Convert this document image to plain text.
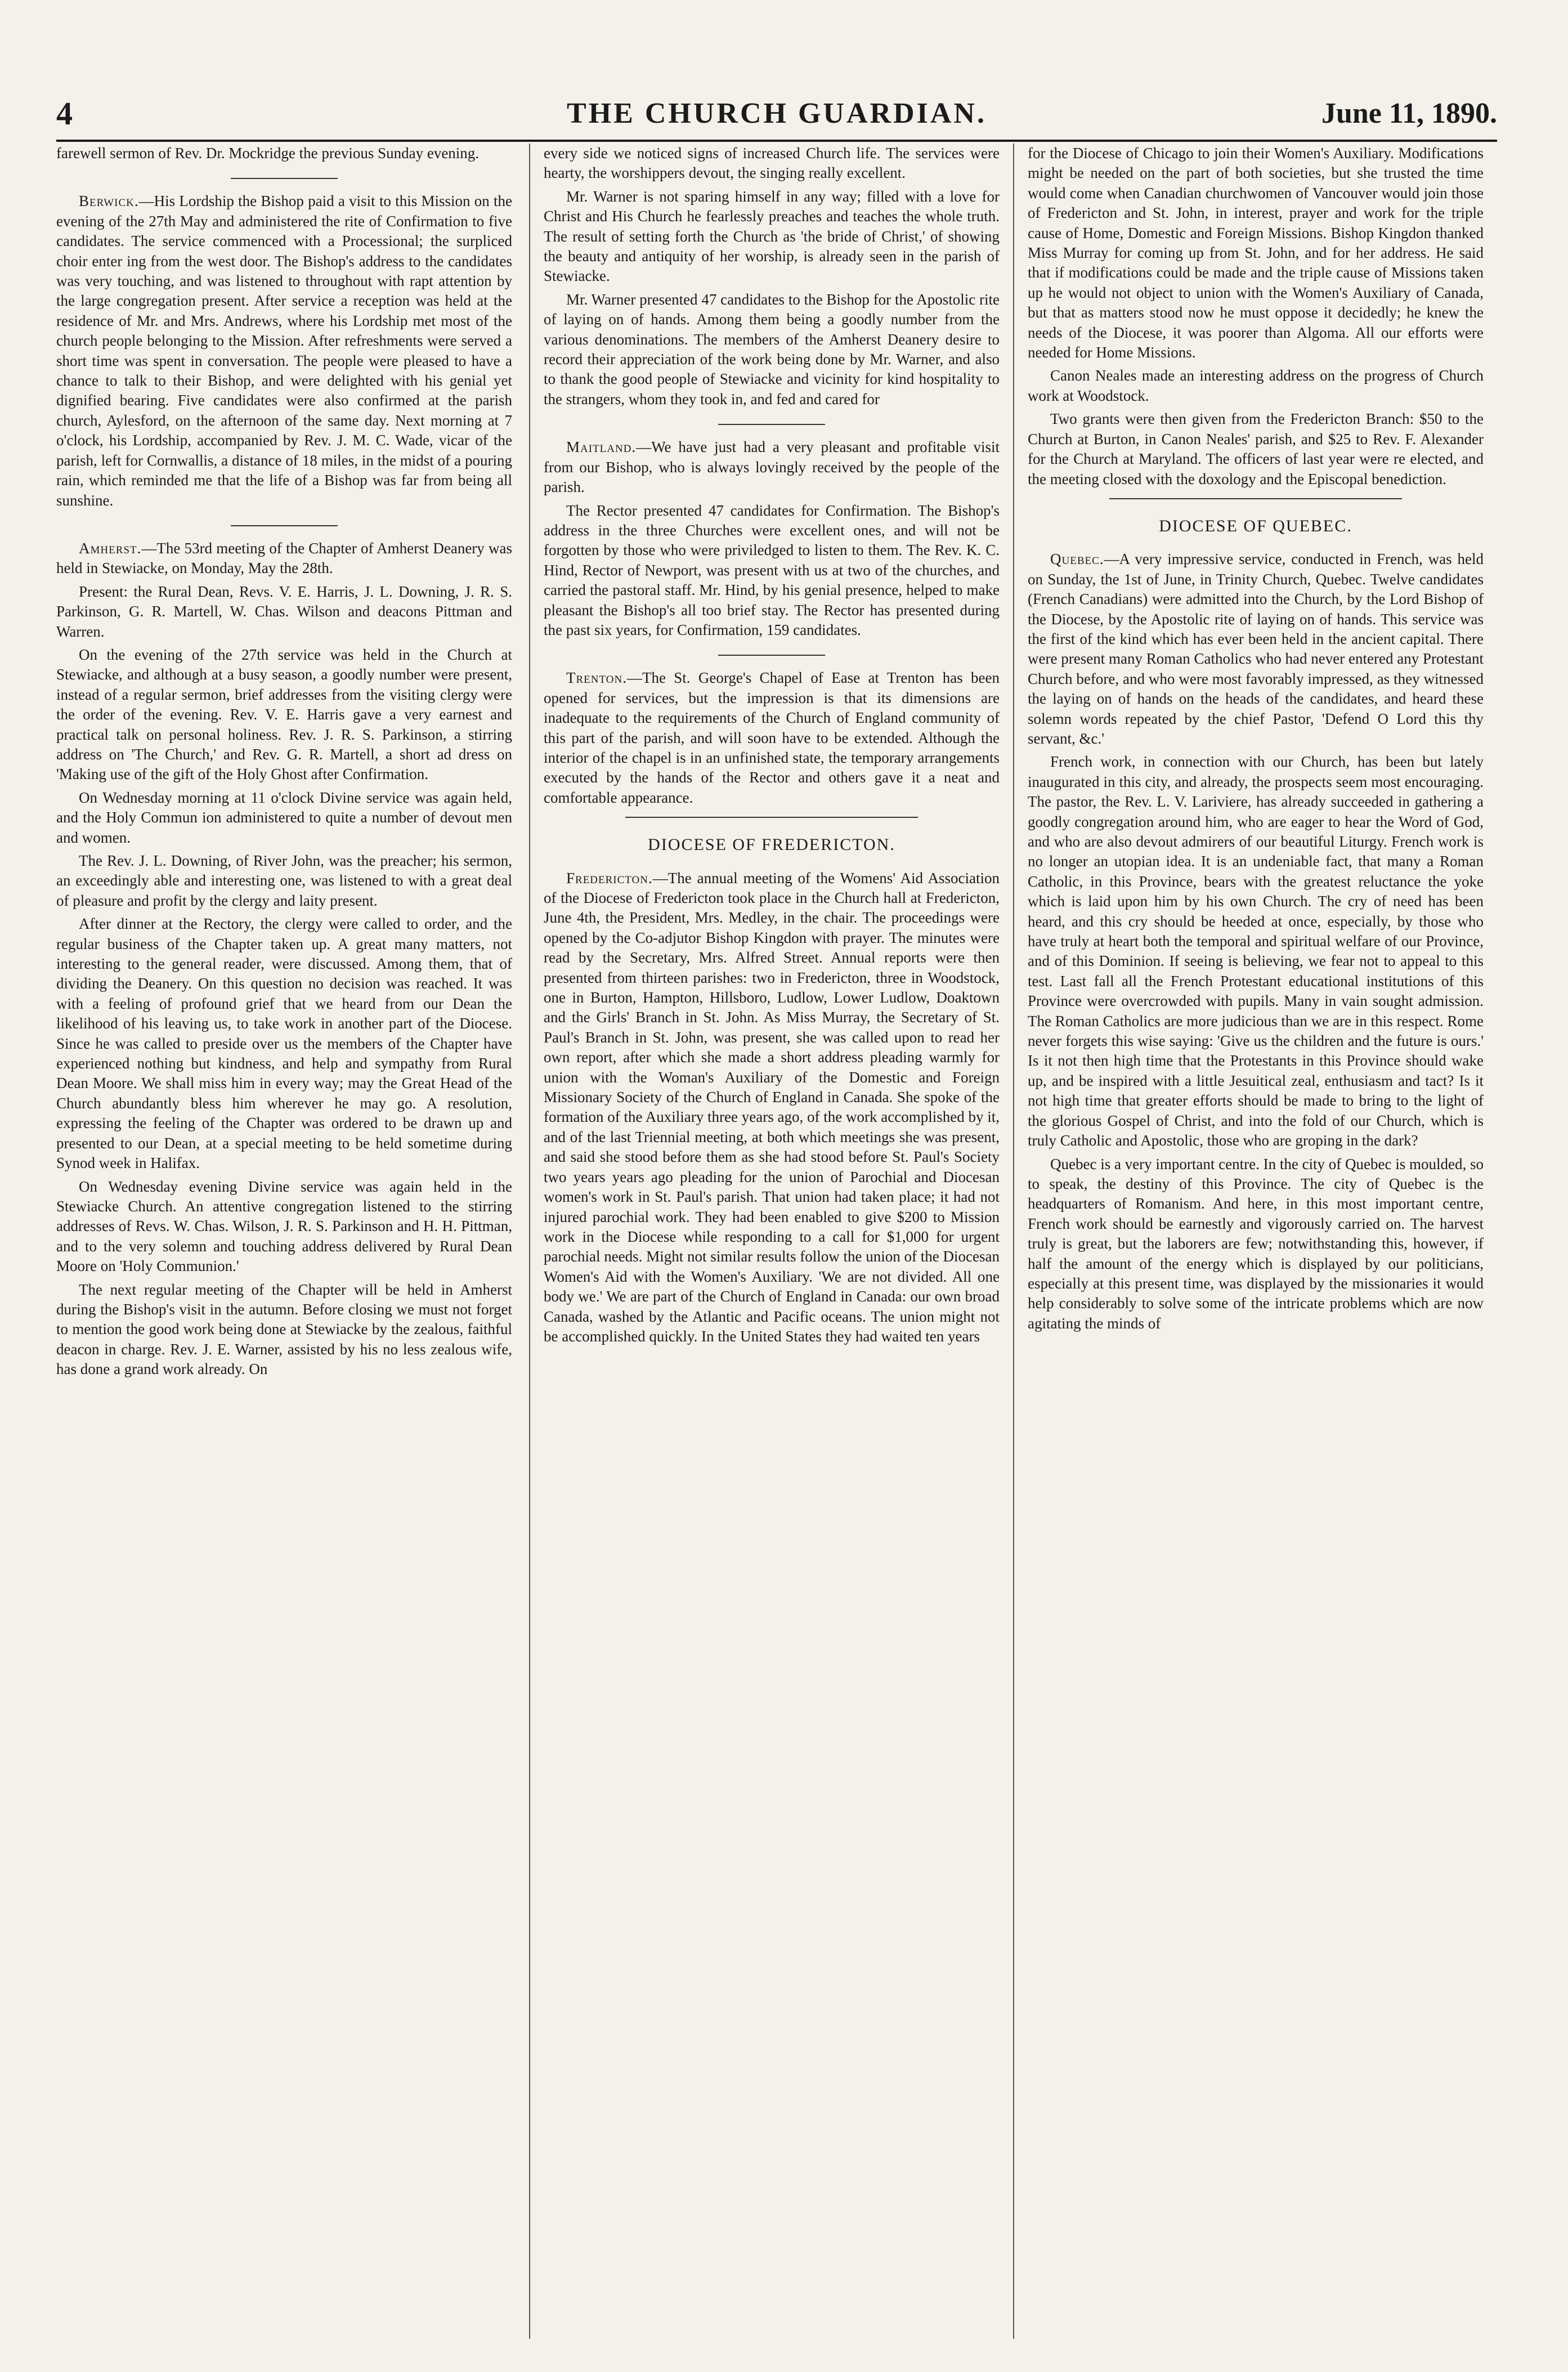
4	THE CHURCH GUARDIAN.	June 11, 1890.

farewell sermon of Rev. Dr. Mockridge the previous Sunday evening.

Berwick.—His Lordship the Bishop paid a visit to this Mission on the evening of the 27th May and administered the rite of Confirmation to five candidates. The service commenced with a Processional; the surpliced choir enter ing from the west door. The Bishop's address to the candidates was very touching, and was listened to throughout with rapt attention by the large congregation present. After service a reception was held at the residence of Mr. and Mrs. Andrews, where his Lordship met most of the church people belonging to the Mission. After refreshments were served a short time was spent in conversation. The people were pleased to have a chance to talk to their Bishop, and were delighted with his genial yet dignified bearing. Five candidates were also confirmed at the parish church, Aylesford, on the afternoon of the same day. Next morning at 7 o'clock, his Lordship, accompanied by Rev. J. M. C. Wade, vicar of the parish, left for Cornwallis, a distance of 18 miles, in the midst of a pouring rain, which reminded me that the life of a Bishop was far from being all sunshine.

Amherst.—The 53rd meeting of the Chapter of Amherst Deanery was held in Stewiacke, on Monday, May the 28th.

Present: the Rural Dean, Revs. V. E. Harris, J. L. Downing, J. R. S. Parkinson, G. R. Martell, W. Chas. Wilson and deacons Pittman and Warren.

On the evening of the 27th service was held in the Church at Stewiacke, and although at a busy season, a goodly number were present, instead of a regular sermon, brief addresses from the visiting clergy were the order of the evening. Rev. V. E. Harris gave a very earnest and practical talk on personal holiness. Rev. J. R. S. Parkinson, a stirring address on 'The Church,' and Rev. G. R. Martell, a short ad dress on 'Making use of the gift of the Holy Ghost after Confirmation.

On Wednesday morning at 11 o'clock Divine service was again held, and the Holy Commun ion administered to quite a number of devout men and women.

The Rev. J. L. Downing, of River John, was the preacher; his sermon, an exceedingly able and interesting one, was listened to with a great deal of pleasure and profit by the clergy and laity present.

After dinner at the Rectory, the clergy were called to order, and the regular business of the Chapter taken up. A great many matters, not interesting to the general reader, were discussed. Among them, that of dividing the Deanery. On this question no decision was reached. It was with a feeling of profound grief that we heard from our Dean the likelihood of his leaving us, to take work in another part of the Diocese. Since he was called to preside over us the members of the Chapter have experienced nothing but kindness, and help and sympathy from Rural Dean Moore. We shall miss him in every way; may the Great Head of the Church abundantly bless him wherever he may go. A resolution, expressing the feeling of the Chapter was ordered to be drawn up and presented to our Dean, at a special meeting to be held sometime during Synod week in Halifax.

On Wednesday evening Divine service was again held in the Stewiacke Church. An attentive congregation listened to the stirring addresses of Revs. W. Chas. Wilson, J. R. S. Parkinson and H. H. Pittman, and to the very solemn and touching address delivered by Rural Dean Moore on 'Holy Communion.'

The next regular meeting of the Chapter will be held in Amherst during the Bishop's visit in the autumn. Before closing we must not forget to mention the good work being done at Stewiacke by the zealous, faithful deacon in charge. Rev. J. E. Warner, assisted by his no less zealous wife, has done a grand work already. On

every side we noticed signs of increased Church life. The services were hearty, the worshippers devout, the singing really excellent.

Mr. Warner is not sparing himself in any way; filled with a love for Christ and His Church he fearlessly preaches and teaches the whole truth. The result of setting forth the Church as 'the bride of Christ,' of showing the beauty and antiquity of her worship, is already seen in the parish of Stewiacke.

Mr. Warner presented 47 candidates to the Bishop for the Apostolic rite of laying on of hands. Among them being a goodly number from the various denominations. The members of the Amherst Deanery desire to record their appreciation of the work being done by Mr. Warner, and also to thank the good people of Stewiacke and vicinity for kind hospitality to the strangers, whom they took in, and fed and cared for

Maitland.—We have just had a very pleasant and profitable visit from our Bishop, who is always lovingly received by the people of the parish.

The Rector presented 47 candidates for Confirmation. The Bishop's address in the three Churches were excellent ones, and will not be forgotten by those who were priviledged to listen to them. The Rev. K. C. Hind, Rector of Newport, was present with us at two of the churches, and carried the pastoral staff. Mr. Hind, by his genial presence, helped to make pleasant the Bishop's all too brief stay. The Rector has presented during the past six years, for Confirmation, 159 candidates.

Trenton.—The St. George's Chapel of Ease at Trenton has been opened for services, but the impression is that its dimensions are inadequate to the requirements of the Church of England community of this part of the parish, and will soon have to be extended. Although the interior of the chapel is in an unfinished state, the temporary arrangements executed by the hands of the Rector and others gave it a neat and comfortable appearance.

DIOCESE OF FREDERICTON.

Fredericton.—The annual meeting of the Womens' Aid Association of the Diocese of Fredericton took place in the Church hall at Fredericton, June 4th, the President, Mrs. Medley, in the chair. The proceedings were opened by the Co-adjutor Bishop Kingdon with prayer. The minutes were read by the Secretary, Mrs. Alfred Street. Annual reports were then presented from thirteen parishes: two in Fredericton, three in Woodstock, one in Burton, Hampton, Hillsboro, Ludlow, Lower Ludlow, Doaktown and the Girls' Branch in St. John. As Miss Murray, the Secretary of St. Paul's Branch in St. John, was present, she was called upon to read her own report, after which she made a short address pleading warmly for union with the Woman's Auxiliary of the Domestic and Foreign Missionary Society of the Church of England in Canada. She spoke of the formation of the Auxiliary three years ago, of the work accomplished by it, and of the last Triennial meeting, at both which meetings she was present, and said she stood before them as she had stood before St. Paul's Society two years years ago pleading for the union of Parochial and Diocesan women's work in St. Paul's parish. That union had taken place; it had not injured parochial work. They had been enabled to give $200 to Mission work in the Diocese while responding to a call for $1,000 for urgent parochial needs. Might not similar results follow the union of the Diocesan Women's Aid with the Women's Auxiliary. 'We are not divided. All one body we.' We are part of the Church of England in Canada: our own broad Canada, washed by the Atlantic and Pacific oceans. The union might not be accomplished quickly. In the United States they had waited ten years

for the Diocese of Chicago to join their Women's Auxiliary. Modifications might be needed on the part of both societies, but she trusted the time would come when Canadian churchwomen of Vancouver would join those of Fredericton and St. John, in interest, prayer and work for the triple cause of Home, Domestic and Foreign Missions. Bishop Kingdon thanked Miss Murray for coming up from St. John, and for her address. He said that if modifications could be made and the triple cause of Missions taken up he would not object to union with the Women's Auxiliary of Canada, but that as matters stood now he must oppose it decidedly; he knew the needs of the Diocese, it was poorer than Algoma. All our efforts were needed for Home Missions.

Canon Neales made an interesting address on the progress of Church work at Woodstock.

Two grants were then given from the Fredericton Branch: $50 to the Church at Burton, in Canon Neales' parish, and $25 to Rev. F. Alexander for the Church at Maryland. The officers of last year were re elected, and the meeting closed with the doxology and the Episcopal benediction.

DIOCESE OF QUEBEC.

Quebec.—A very impressive service, conducted in French, was held on Sunday, the 1st of June, in Trinity Church, Quebec. Twelve candidates (French Canadians) were admitted into the Church, by the Lord Bishop of the Diocese, by the Apostolic rite of laying on of hands. This service was the first of the kind which has ever been held in the ancient capital. There were present many Roman Catholics who had never entered any Protestant Church before, and who were most favorably impressed, as they witnessed the laying on of hands on the heads of the candidates, and heard these solemn words repeated by the chief Pastor, 'Defend O Lord this thy servant, &c.'

French work, in connection with our Church, has been but lately inaugurated in this city, and already, the prospects seem most encouraging. The pastor, the Rev. L. V. Lariviere, has already succeeded in gathering a goodly congregation around him, who are eager to hear the Word of God, and who are also devout admirers of our beautiful Liturgy. French work is no longer an utopian idea. It is an undeniable fact, that many a Roman Catholic, in this Province, bears with the greatest reluctance the yoke which is laid upon him by his own Church. The cry of need has been heard, and this cry should be heeded at once, especially, by those who have truly at heart both the temporal and spiritual welfare of our Province, and of this Dominion. If seeing is believing, we fear not to appeal to this test. Last fall all the French Protestant educational institutions of this Province were overcrowded with pupils. Many in vain sought admission. The Roman Catholics are more judicious than we are in this respect. Rome never forgets this wise saying: 'Give us the children and the future is ours.' Is it not then high time that the Protestants in this Province should wake up, and be inspired with a little Jesuitical zeal, enthusiasm and tact? Is it not high time that greater efforts should be made to bring to the light of the glorious Gospel of Christ, and into the fold of our Church, which is truly Catholic and Apostolic, those who are groping in the dark?

Quebec is a very important centre. In the city of Quebec is moulded, so to speak, the destiny of this Province. The city of Quebec is the headquarters of Romanism. And here, in this most important centre, French work should be earnestly and vigorously carried on. The harvest truly is great, but the laborers are few; notwithstanding this, however, if half the amount of the energy which is displayed by our politicians, especially at this present time, was displayed by the missionaries it would help considerably to solve some of the intricate problems which are now agitating the minds of
